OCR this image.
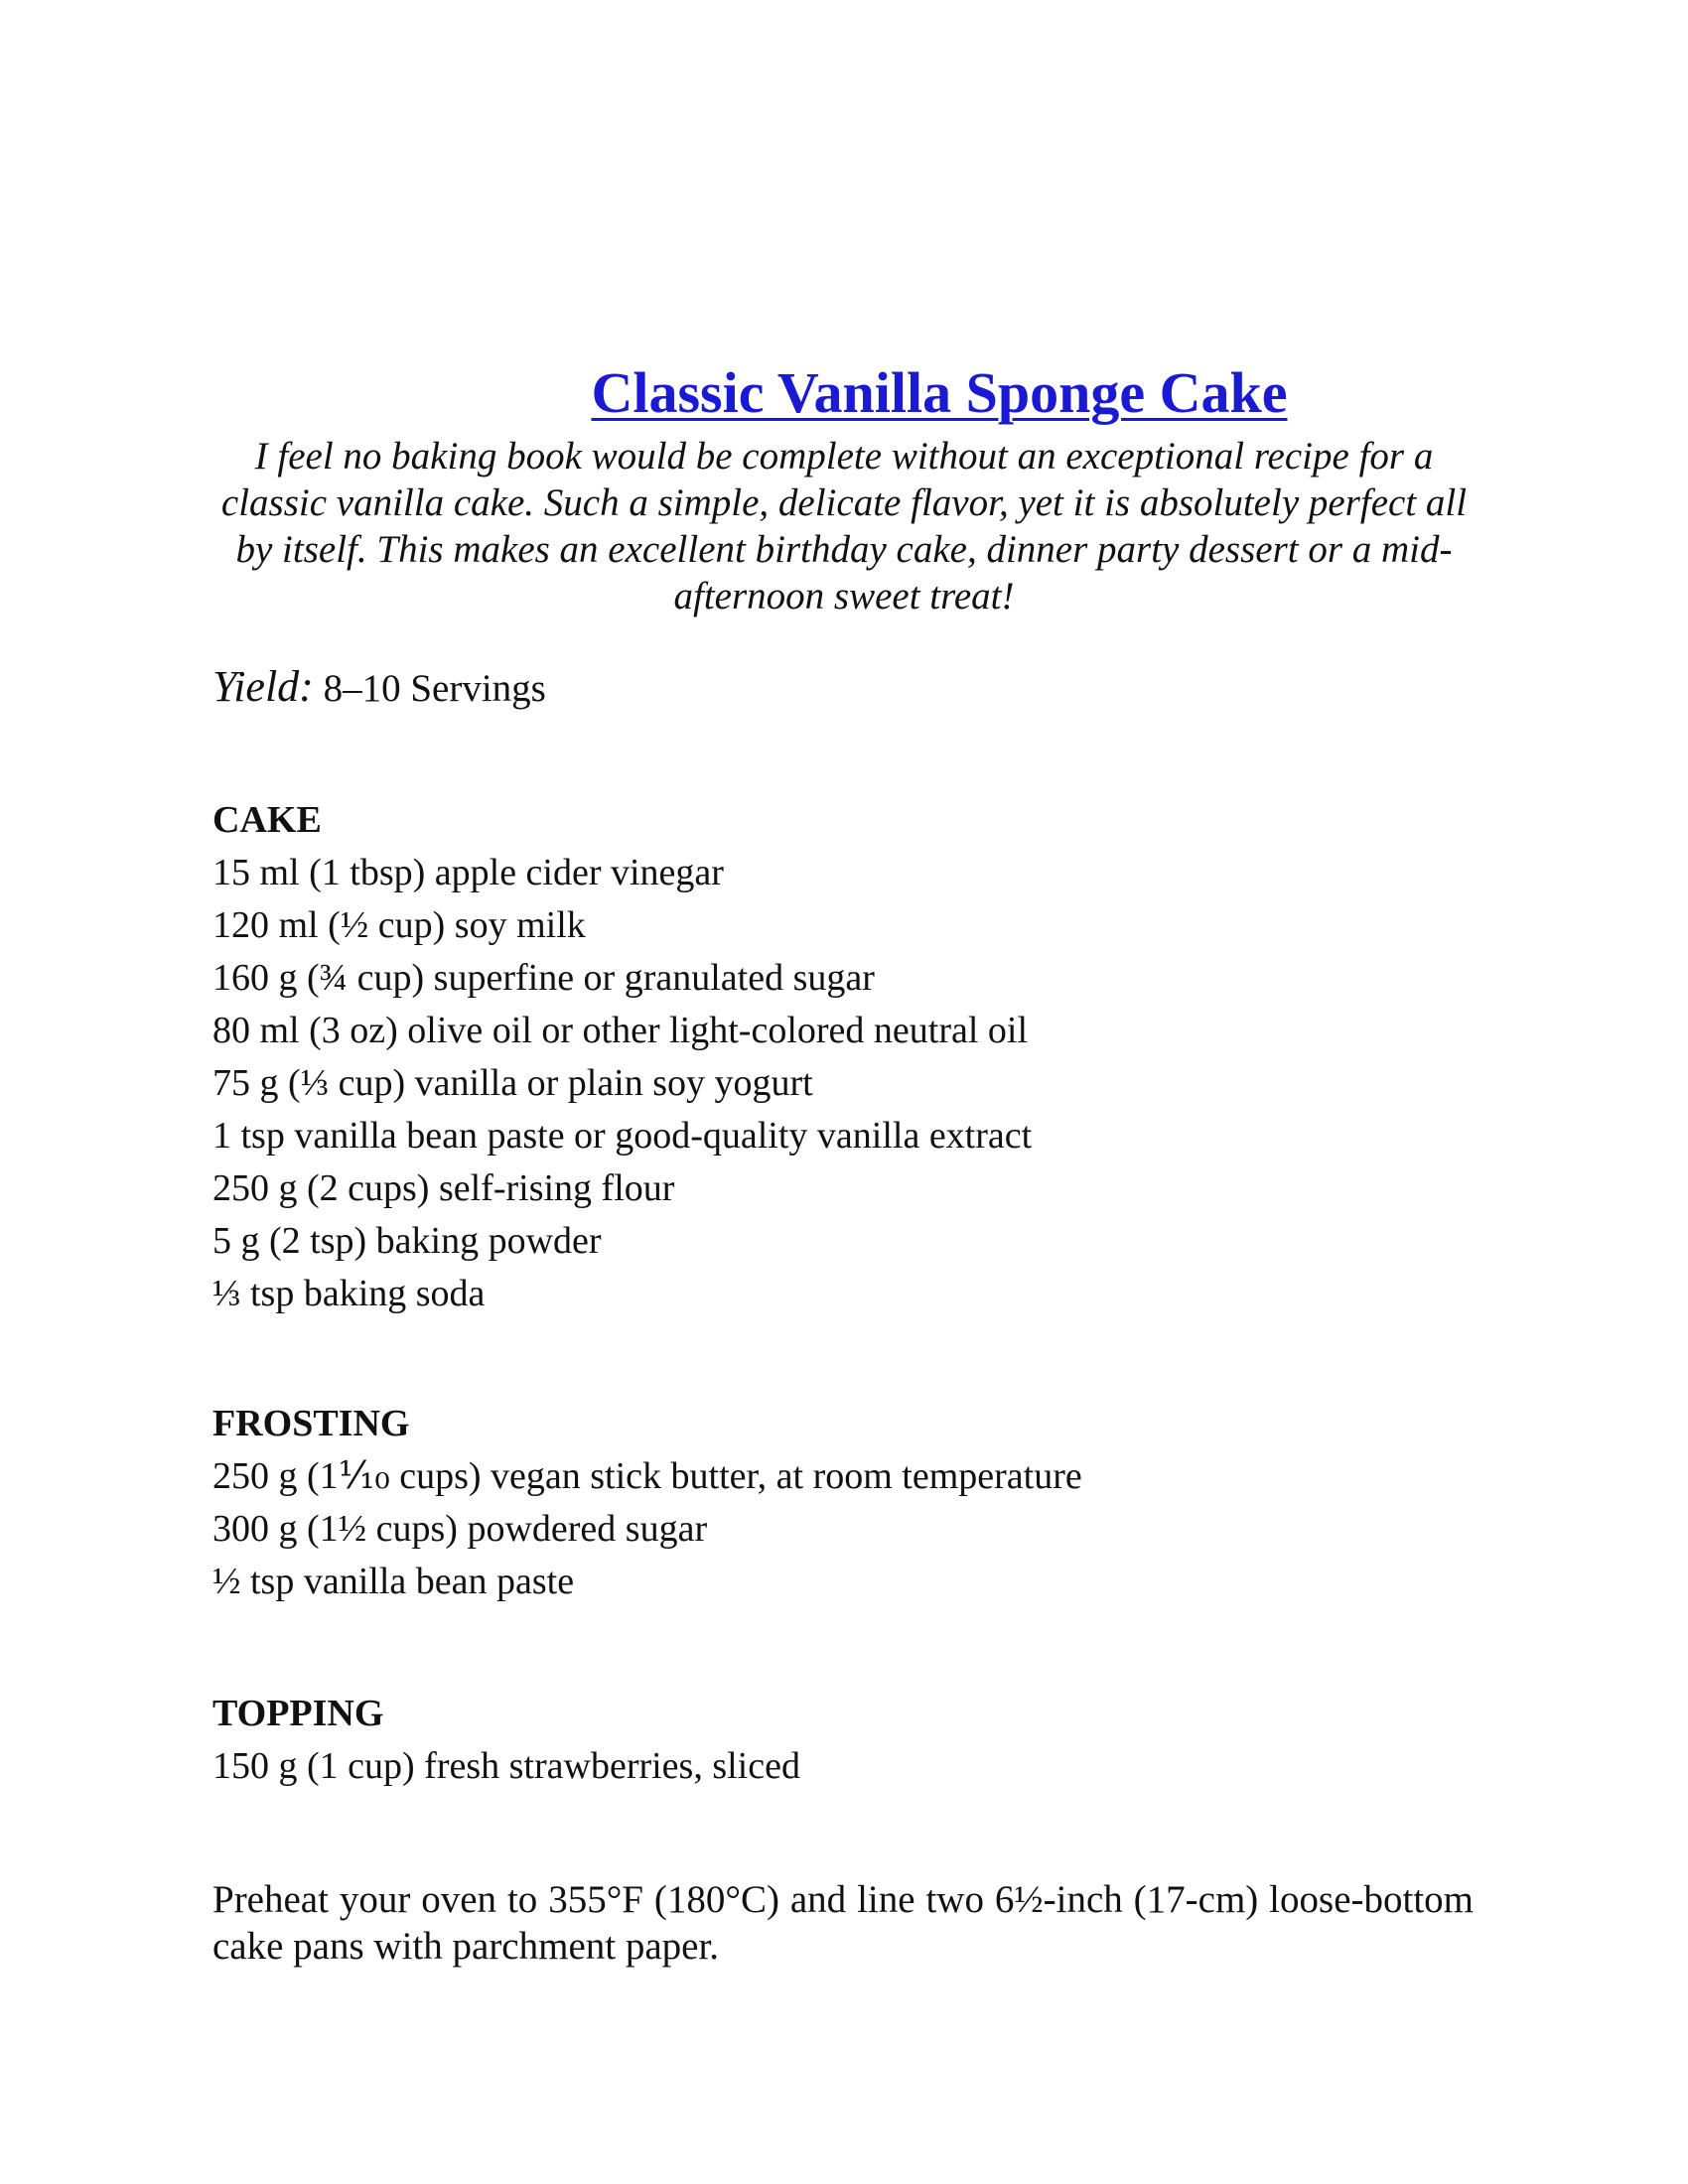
Classic Vanilla Sponge Cake

I feel no baking book would be complete without an exceptional recipe for a classic vanilla cake. Such a simple, delicate flavor, yet it is absolutely perfect all by itself. This makes an excellent birthday cake, dinner party dessert or a mid-afternoon sweet treat!

Yield: 8–10 Servings

CAKE
15 ml (1 tbsp) apple cider vinegar
120 ml (½ cup) soy milk
160 g (¾ cup) superfine or granulated sugar
80 ml (3 oz) olive oil or other light-colored neutral oil
75 g (⅓ cup) vanilla or plain soy yogurt
1 tsp vanilla bean paste or good-quality vanilla extract
250 g (2 cups) self-rising flour
5 g (2 tsp) baking powder
⅓ tsp baking soda
FROSTING
250 g (1⅒ cups) vegan stick butter, at room temperature
300 g (1½ cups) powdered sugar
½ tsp vanilla bean paste
TOPPING
150 g (1 cup) fresh strawberries, sliced

Preheat your oven to 355°F (180°C) and line two 6½-inch (17-cm) loose-bottom cake pans with parchment paper.
